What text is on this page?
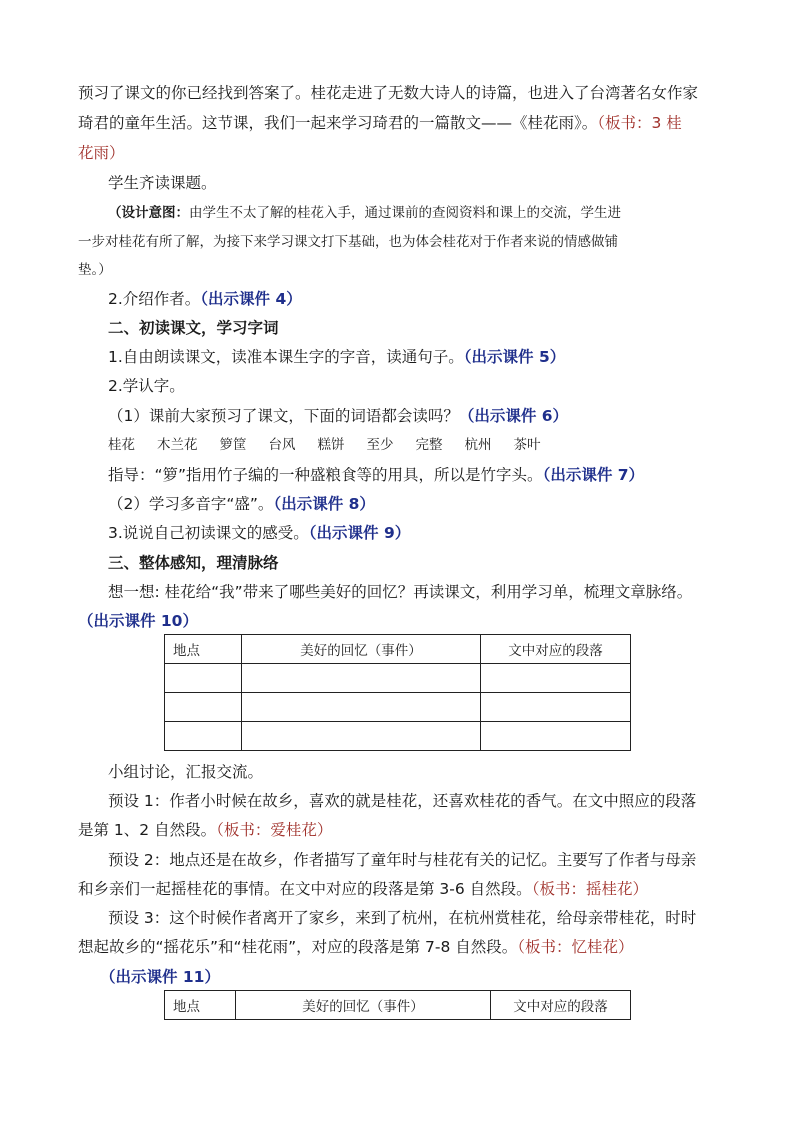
预习了课文的你已经找到答案了。桂花走进了无数大诗人的诗篇，也进入了台湾著名女作家
琦君的童年生活。这节课，我们一起来学习琦君的一篇散文——《桂花雨》。（板书：3 桂
花雨）
学生齐读课题。
（设计意图：由学生不太了解的桂花入手，通过课前的查阅资料和课上的交流，学生进
一步对桂花有所了解，为接下来学习课文打下基础，也为体会桂花对于作者来说的情感做铺
垫。）
2.介绍作者。（出示课件 4）
二、初读课文，学习字词
1.自由朗读课文，读准本课生字的字音，读通句子。（出示课件 5）
2.学认字。
（1）课前大家预习了课文，下面的词语都会读吗？（出示课件 6）
桂花 木兰花 箩筐 台风 糕饼 至少 完整 杭州 茶叶
指导：“箩”指用竹子编的一种盛粮食等的用具，所以是竹字头。（出示课件 7）
（2）学习多音字“盛”。（出示课件 8）
3.说说自己初读课文的感受。（出示课件 9）
三、整体感知，理清脉络
想一想: 桂花给“我”带来了哪些美好的回忆？再读课文，利用学习单，梳理文章脉络。
（出示课件 10）
地点	美好的回忆（事件）	文中对应的段落

小组讨论，汇报交流。
预设 1：作者小时候在故乡，喜欢的就是桂花，还喜欢桂花的香气。在文中照应的段落
是第 1、2 自然段。（板书：爱桂花）
预设 2：地点还是在故乡，作者描写了童年时与桂花有关的记忆。主要写了作者与母亲
和乡亲们一起摇桂花的事情。在文中对应的段落是第 3-6 自然段。（板书：摇桂花）
预设 3：这个时候作者离开了家乡，来到了杭州，在杭州赏桂花，给母亲带桂花，时时
想起故乡的“摇花乐”和“桂花雨”，对应的段落是第 7-8 自然段。（板书：忆桂花）
（出示课件 11）
地点	美好的回忆（事件）	文中对应的段落
